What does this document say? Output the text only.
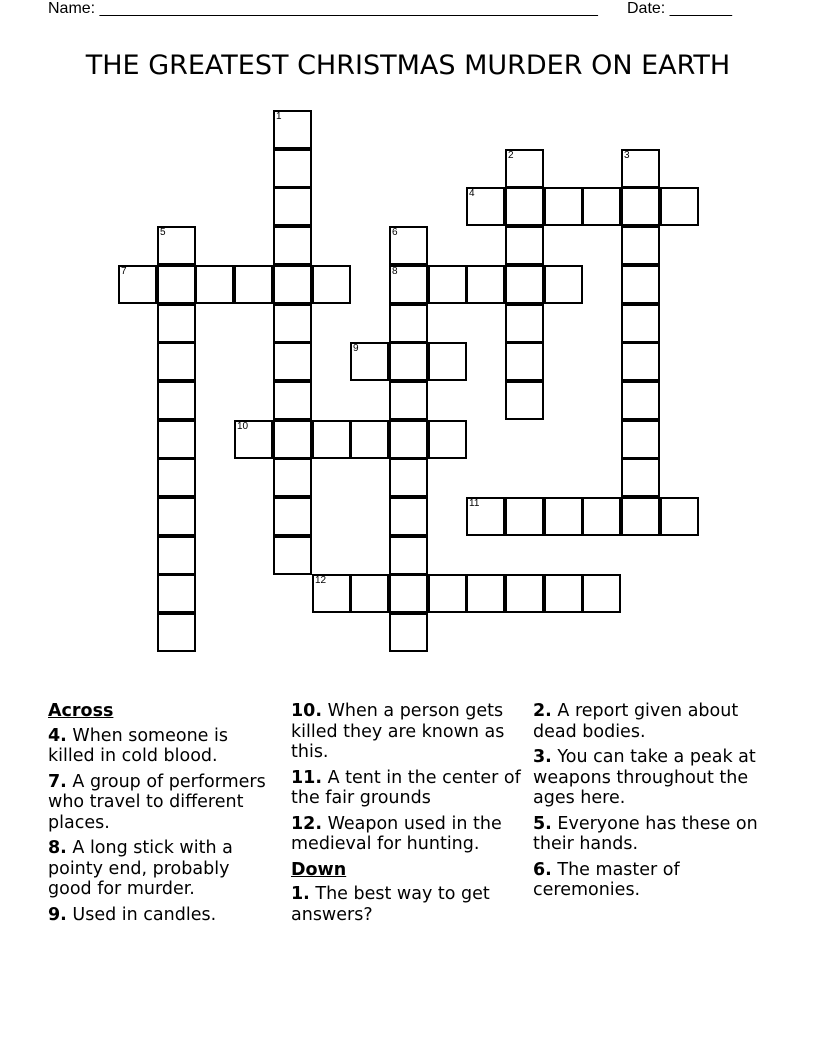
Name: ________________________________________________________ Date: _______
THE GREATEST CHRISTMAS MURDER ON EARTH
4
7	8
9
10
11
12
1
2	3
5	6
Across
4. When someone is killed in cold blood.
7. A group of performers who travel to different places.
8. A long stick with a pointy end, probably good for murder.
9. Used in candles.
10. When a person gets killed they are known as this.
11. A tent in the center of the fair grounds
12. Weapon used in the medieval for hunting.
Down
1. The best way to get answers?
2. A report given about dead bodies.
3. You can take a peak at weapons throughout the ages here.
5. Everyone has these on their hands.
6. The master of ceremonies.
